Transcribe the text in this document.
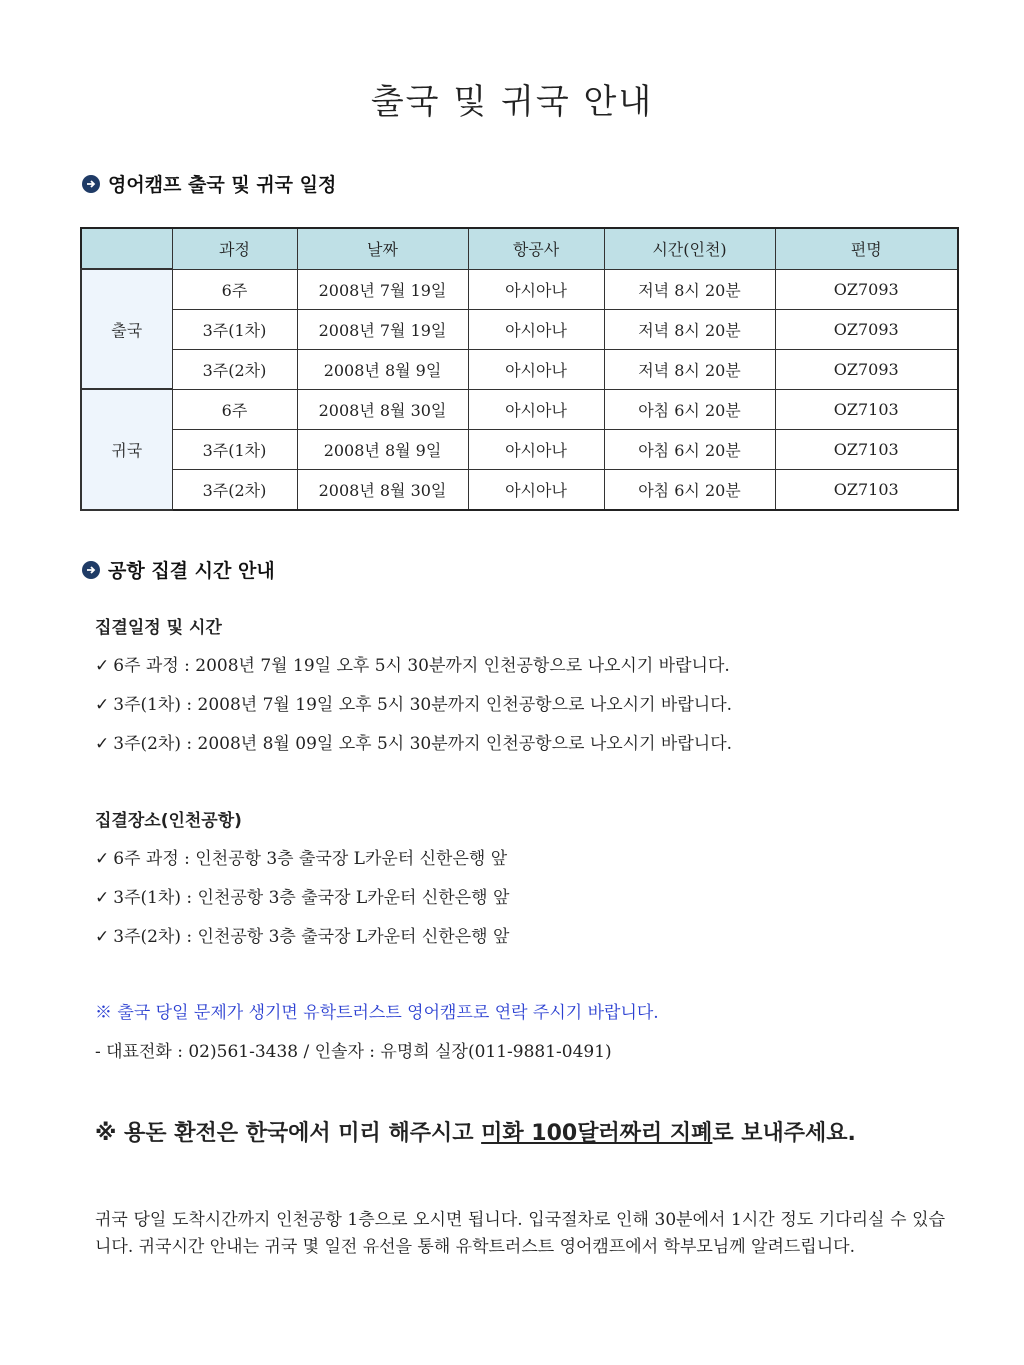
출국 및 귀국 안내
영어캠프 출국 및 귀국 일정
	과정	날짜	항공사	시간(인천)	편명
출국	6주	2008년 7월 19일	아시아나	저녁 8시 20분	OZ7093
	3주(1차)	2008년 7월 19일	아시아나	저녁 8시 20분	OZ7093
	3주(2차)	2008년 8월 9일	아시아나	저녁 8시 20분	OZ7093
귀국	6주	2008년 8월 30일	아시아나	아침 6시 20분	OZ7103
	3주(1차)	2008년 8월 9일	아시아나	아침 6시 20분	OZ7103
	3주(2차)	2008년 8월 30일	아시아나	아침 6시 20분	OZ7103
공항 집결 시간 안내
집결일정 및 시간
✓ 6주 과정 : 2008년 7월 19일 오후 5시 30분까지 인천공항으로 나오시기 바랍니다.
✓ 3주(1차) : 2008년 7월 19일 오후 5시 30분까지 인천공항으로 나오시기 바랍니다.
✓ 3주(2차) : 2008년 8월 09일 오후 5시 30분까지 인천공항으로 나오시기 바랍니다.
집결장소(인천공항)
✓ 6주 과정 : 인천공항 3층 출국장 L카운터 신한은행 앞
✓ 3주(1차) : 인천공항 3층 출국장 L카운터 신한은행 앞
✓ 3주(2차) : 인천공항 3층 출국장 L카운터 신한은행 앞
※ 출국 당일 문제가 생기면 유학트러스트 영어캠프로 연락 주시기 바랍니다.
- 대표전화 : 02)561-3438 / 인솔자 : 유명희 실장(011-9881-0491)
※ 용돈 환전은 한국에서 미리 해주시고 미화 100달러짜리 지폐로 보내주세요.
귀국 당일 도착시간까지 인천공항 1층으로 오시면 됩니다. 입국절차로 인해 30분에서 1시간 정도 기다리실 수 있습니다. 귀국시간 안내는 귀국 몇 일전 유선을 통해 유학트러스트 영어캠프에서 학부모님께 알려드립니다.
